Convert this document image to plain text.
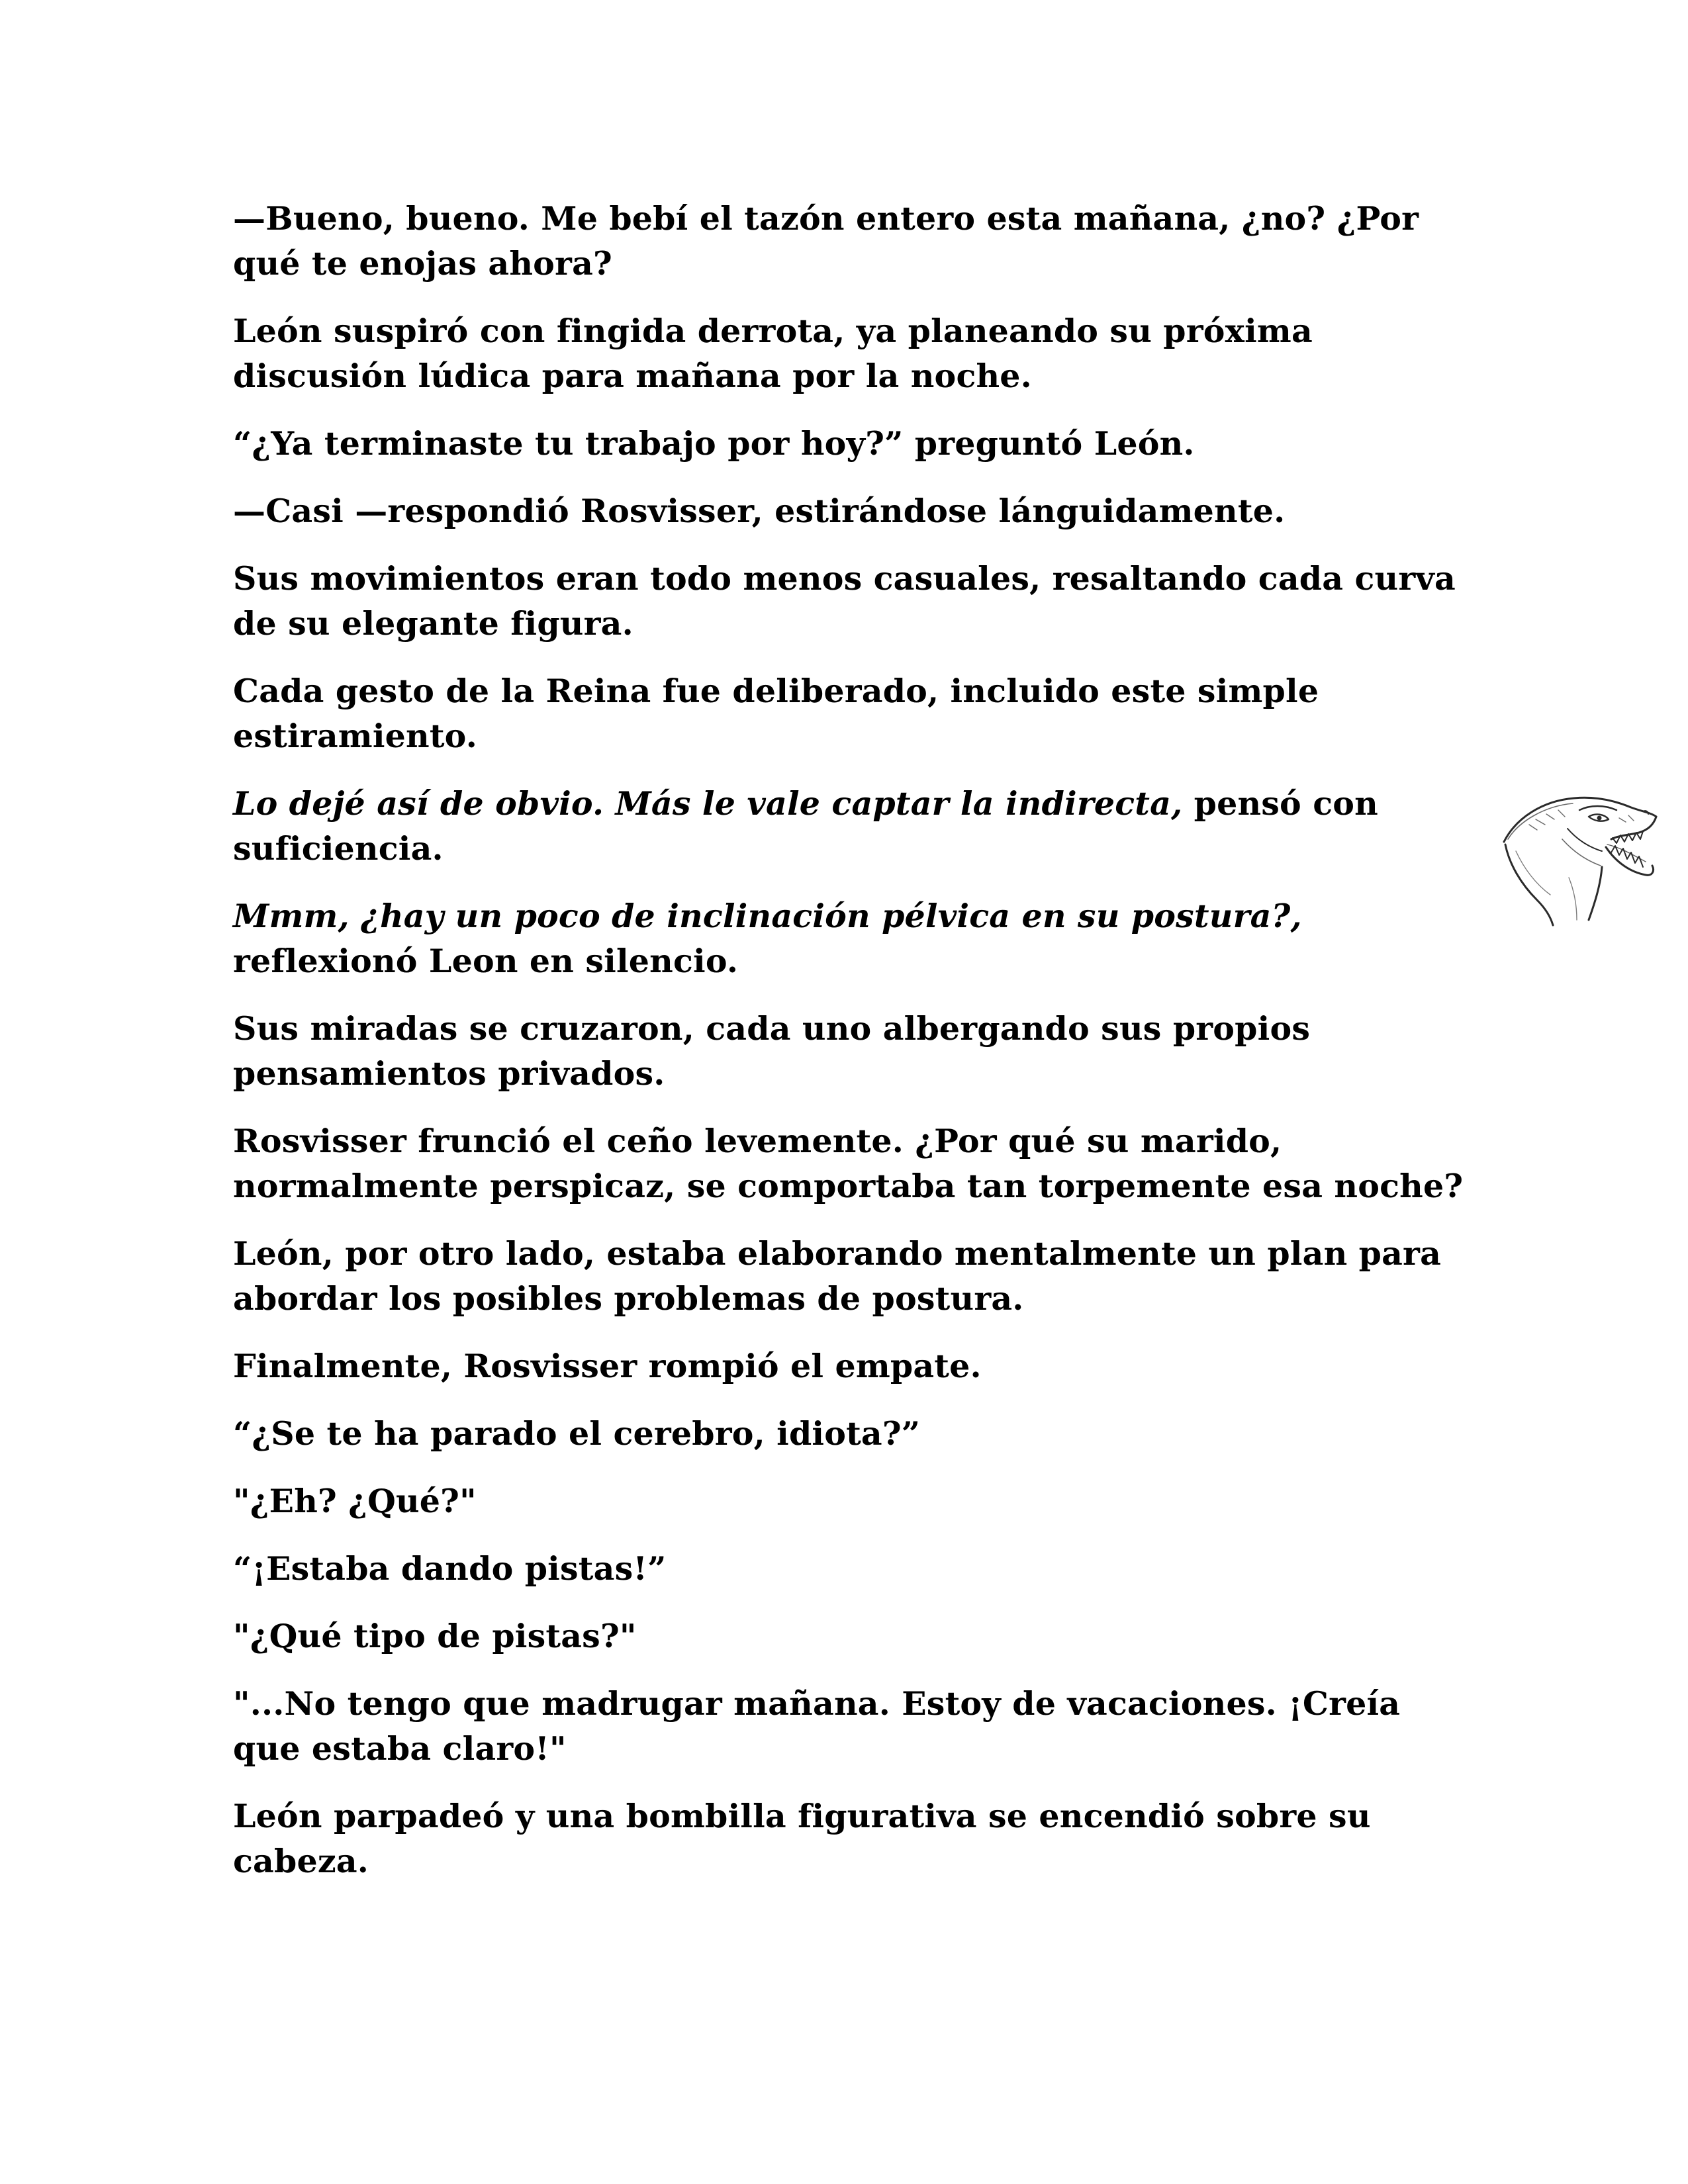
—Bueno, bueno. Me bebí el tazón entero esta mañana, ¿no? ¿Por qué te enojas ahora?

León suspiró con fingida derrota, ya planeando su próxima discusión lúdica para mañana por la noche.

“¿Ya terminaste tu trabajo por hoy?” preguntó León.

—Casi —respondió Rosvisser, estirándose lánguidamente.

Sus movimientos eran todo menos casuales, resaltando cada curva de su elegante figura.

Cada gesto de la Reina fue deliberado, incluido este simple estiramiento.

Lo dejé así de obvio. Más le vale captar la indirecta, pensó con suficiencia.

Mmm, ¿hay un poco de inclinación pélvica en su postura?, reflexionó Leon en silencio.

Sus miradas se cruzaron, cada uno albergando sus propios pensamientos privados.

Rosvisser frunció el ceño levemente. ¿Por qué su marido, normalmente perspicaz, se comportaba tan torpemente esa noche?

León, por otro lado, estaba elaborando mentalmente un plan para abordar los posibles problemas de postura.

Finalmente, Rosvisser rompió el empate.

“¿Se te ha parado el cerebro, idiota?”

"¿Eh? ¿Qué?"

“¡Estaba dando pistas!”

"¿Qué tipo de pistas?"

"...No tengo que madrugar mañana. Estoy de vacaciones. ¡Creía que estaba claro!"

León parpadeó y una bombilla figurativa se encendió sobre su cabeza.
